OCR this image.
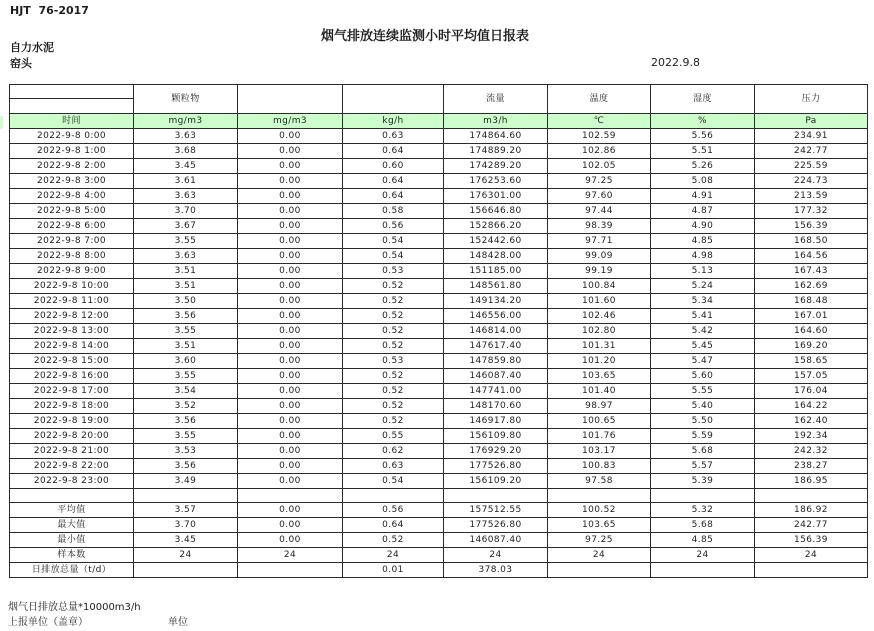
HJT  76-2017
烟气排放连续监测小时平均值日报表
自力水泥
窑头	2022.9.8
	颗粒物			流量	温度	湿度	压力

时间	mg/m3	mg/m3	kg/h	m3/h	℃	%	Pa
2022-9-8 0:00	3.63	0.00	0.63	174864.60	102.59	5.56	234.91
2022-9-8 1:00	3.68	0.00	0.64	174889.20	102.86	5.51	242.77
2022-9-8 2:00	3.45	0.00	0.60	174289.20	102.05	5.26	225.59
2022-9-8 3:00	3.61	0.00	0.64	176253.60	97.25	5.08	224.73
2022-9-8 4:00	3.63	0.00	0.64	176301.00	97.60	4.91	213.59
2022-9-8 5:00	3.70	0.00	0.58	156646.80	97.44	4.87	177.32
2022-9-8 6:00	3.67	0.00	0.56	152866.20	98.39	4.90	156.39
2022-9-8 7:00	3.55	0.00	0.54	152442.60	97.71	4.85	168.50
2022-9-8 8:00	3.63	0.00	0.54	148428.00	99.09	4.98	164.56
2022-9-8 9:00	3.51	0.00	0.53	151185.00	99.19	5.13	167.43
2022-9-8 10:00	3.51	0.00	0.52	148561.80	100.84	5.24	162.69
2022-9-8 11:00	3.50	0.00	0.52	149134.20	101.60	5.34	168.48
2022-9-8 12:00	3.56	0.00	0.52	146556.00	102.46	5.41	167.01
2022-9-8 13:00	3.55	0.00	0.52	146814.00	102.80	5.42	164.60
2022-9-8 14:00	3.51	0.00	0.52	147617.40	101.31	5.45	169.20
2022-9-8 15:00	3.60	0.00	0.53	147859.80	101.20	5.47	158.65
2022-9-8 16:00	3.55	0.00	0.52	146087.40	103.65	5.60	157.05
2022-9-8 17:00	3.54	0.00	0.52	147741.00	101.40	5.55	176.04
2022-9-8 18:00	3.52	0.00	0.52	148170.60	98.97	5.40	164.22
2022-9-8 19:00	3.56	0.00	0.52	146917.80	100.65	5.50	162.40
2022-9-8 20:00	3.55	0.00	0.55	156109.80	101.76	5.59	192.34
2022-9-8 21:00	3.53	0.00	0.62	176929.20	103.17	5.68	242.32
2022-9-8 22:00	3.56	0.00	0.63	177526.80	100.83	5.57	238.27
2022-9-8 23:00	3.49	0.00	0.54	156109.20	97.58	5.39	186.95

平均值	3.57	0.00	0.56	157512.55	100.52	5.32	186.92
最大值	3.70	0.00	0.64	177526.80	103.65	5.68	242.77
最小值	3.45	0.00	0.52	146087.40	97.25	4.85	156.39
样本数	24	24	24	24	24	24	24
日排放总量（t/d）			0.01	378.03			
烟气日排放总量*10000m3/h
上报单位（盖章）	单位
